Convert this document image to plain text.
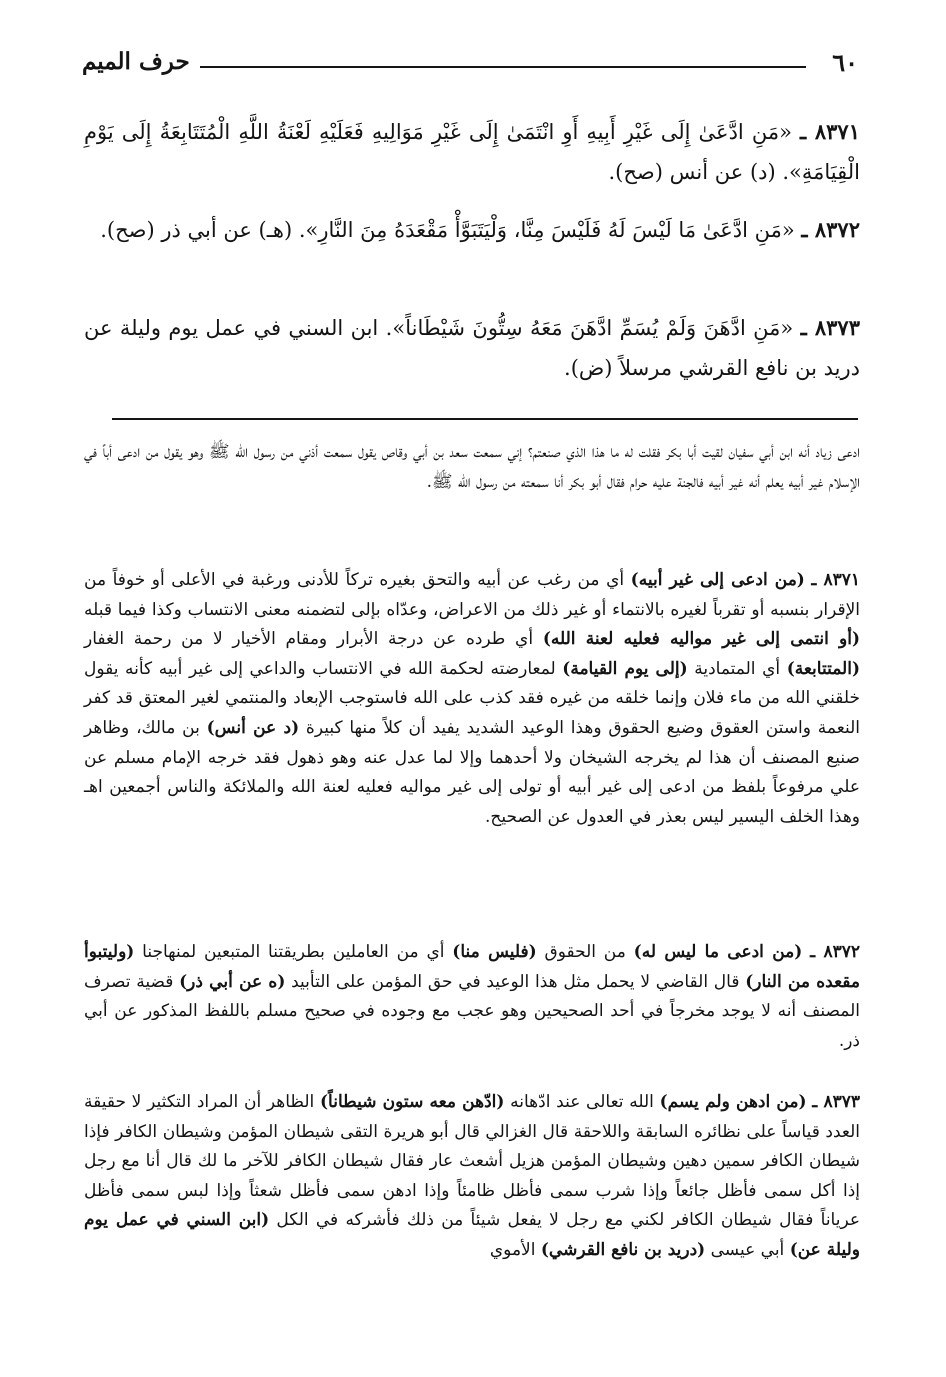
٦٠
حرف الميم
٨٣٧١ ـ «مَنِ ادَّعَىٰ إِلَى غَيْرِ أَبِيهِ أَوِ انْتَمَىٰ إِلَى غَيْرِ مَوَالِيهِ فَعَلَيْهِ لَعْنَةُ اللَّهِ الْمُتَتَابِعَةُ إِلَى يَوْمِ الْقِيَامَةِ». (د) عن أنس (صح).
٨٣٧٢ ـ «مَنِ ادَّعَىٰ مَا لَيْسَ لَهُ فَلَيْسَ مِنَّا، وَلْيَتَبَوَّأْ مَقْعَدَهُ مِنَ النَّارِ». (هـ) عن أبي ذر (صح).
٨٣٧٣ ـ «مَنِ ادَّهَنَ وَلَمْ يُسَمِّ ادَّهَنَ مَعَهُ سِتُّونَ شَيْطَاناً». ابن السني في عمل يوم وليلة عن دريد بن نافع القرشي مرسلاً (ض).

ادعى زياد أنه ابن أبي سفيان لقيت أبا بكر فقلت له ما هذا الذي صنعتم؟ إني سمعت سعد بن أبي وقاص يقول سمعت أذني من رسول الله ﷺ وهو يقول من ادعى أباً في الإسلام غير أبيه يعلم أنه غير أبيه فالجنة عليه حرام فقال أبو بكر أنا سمعته من رسول الله ﷺ.

٨٣٧١ ـ (من ادعى إلى غير أبيه) أي من رغب عن أبيه والتحق بغيره تركاً للأدنى ورغبة في الأعلى أو خوفاً من الإقرار بنسبه أو تقرباً لغيره بالانتماء أو غير ذلك من الاعراض، وعدّاه بإلى لتضمنه معنى الانتساب وكذا فيما قبله (أو انتمى إلى غير مواليه فعليه لعنة الله) أي طرده عن درجة الأبرار ومقام الأخيار لا من رحمة الغفار (المتتابعة) أي المتمادية (إلى يوم القيامة) لمعارضته لحكمة الله في الانتساب والداعي إلى غير أبيه كأنه يقول خلقني الله من ماء فلان وإنما خلقه من غيره فقد كذب على الله فاستوجب الإبعاد والمنتمي لغير المعتق قد كفر النعمة واستن العقوق وضيع الحقوق وهذا الوعيد الشديد يفيد أن كلاً منها كبيرة (د عن أنس) بن مالك، وظاهر صنيع المصنف أن هذا لم يخرجه الشيخان ولا أحدهما وإلا لما عدل عنه وهو ذهول فقد خرجه الإمام مسلم عن علي مرفوعاً بلفظ من ادعى إلى غير أبيه أو تولى إلى غير مواليه فعليه لعنة الله والملائكة والناس أجمعين اهـ وهذا الخلف اليسير ليس بعذر في العدول عن الصحيح.

٨٣٧٢ ـ (من ادعى ما ليس له) من الحقوق (فليس منا) أي من العاملين بطريقتنا المتبعين لمنهاجنا (وليتبوأ مقعده من النار) قال القاضي لا يحمل مثل هذا الوعيد في حق المؤمن على التأبيد (ه عن أبي ذر) قضية تصرف المصنف أنه لا يوجد مخرجاً في أحد الصحيحين وهو عجب مع وجوده في صحيح مسلم باللفظ المذكور عن أبي ذر.

٨٣٧٣ ـ (من ادهن ولم يسم) الله تعالى عند ادّهانه (ادّهن معه ستون شيطاناً) الظاهر أن المراد التكثير لا حقيقة العدد قياساً على نظائره السابقة واللاحقة قال الغزالي قال أبو هريرة التقى شيطان المؤمن وشيطان الكافر فإذا شيطان الكافر سمين دهين وشيطان المؤمن هزيل أشعث عار فقال شيطان الكافر للآخر ما لك قال أنا مع رجل إذا أكل سمى فأظل جائعاً وإذا شرب سمى فأظل ظامئاً وإذا ادهن سمى فأظل شعثاً وإذا لبس سمى فأظل عرياناً فقال شيطان الكافر لكني مع رجل لا يفعل شيئاً من ذلك فأشركه في الكل (ابن السني في عمل يوم وليلة عن) أبي عيسى (دريد بن نافع القرشي) الأموي
